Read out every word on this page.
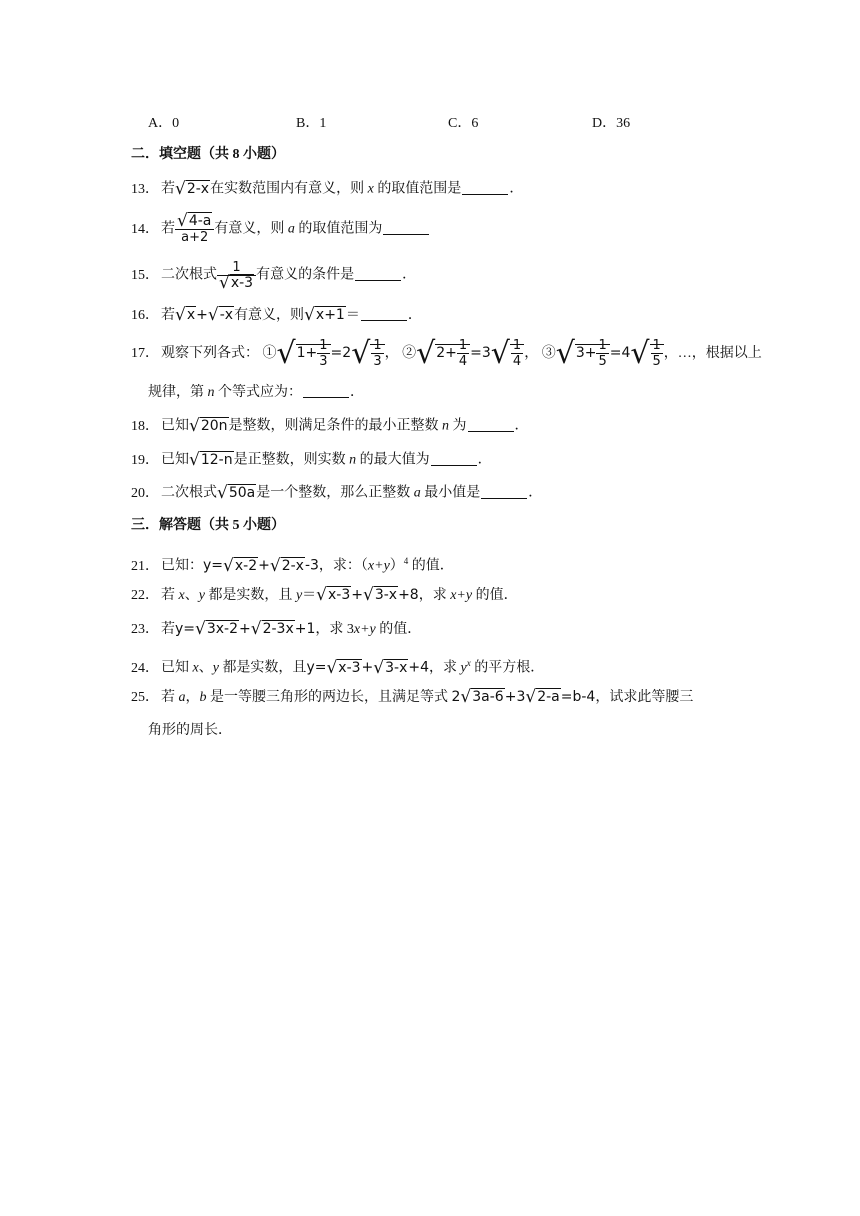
A．0	B．1	C．6	D．36
二．填空题（共 8 小题）
13． 若√2-x在实数范围内有意义，则 x 的取值范围是	．
14． 若 $\frac{√4-a}{a+2}$ 有意义，则 a 的取值范围为
15． 二次根式 $\frac{1}{√x-3}$ 有意义的条件是	．
16． 若√x+√-x有意义，则√x+1＝	．
17． 观察下列各式： ①√1+ $\frac{1}{3} =2√ \frac{1}{3}$ ， ②√2+ $\frac{1}{4} =3√ \frac{1}{4}$ ， ③√3+ $\frac{1}{5} =4√ \frac{1}{5}$ ，…，根据以上
规律，第 n 个等式应为：	．
18． 已知√20n是整数，则满足条件的最小正整数 n 为	．
19． 已知√12-n是正整数，则实数 n 的最大值为	．
20． 二次根式√50a是一个整数，那么正整数 a 最小值是	．
三．解答题（共 5 小题）
21． 已知：y=√x-2+√2-x-3，求：$(x+y)^4$ 的值．
22． 若 x、y 都是实数，且 y＝√x-3+√3-x+8，求 x+y 的值．
23． 若y=√3x-2+√2-3x+1，求 3x+y 的值．
24． 已知 x、y 都是实数，且y=√x-3+√3-x+4，求 $y^x$ 的平方根．
25． 若 a，b 是一等腰三角形的两边长，且满足等式 2√3a-6+3√2-a=b-4，试求此等腰三
角形的周长．
